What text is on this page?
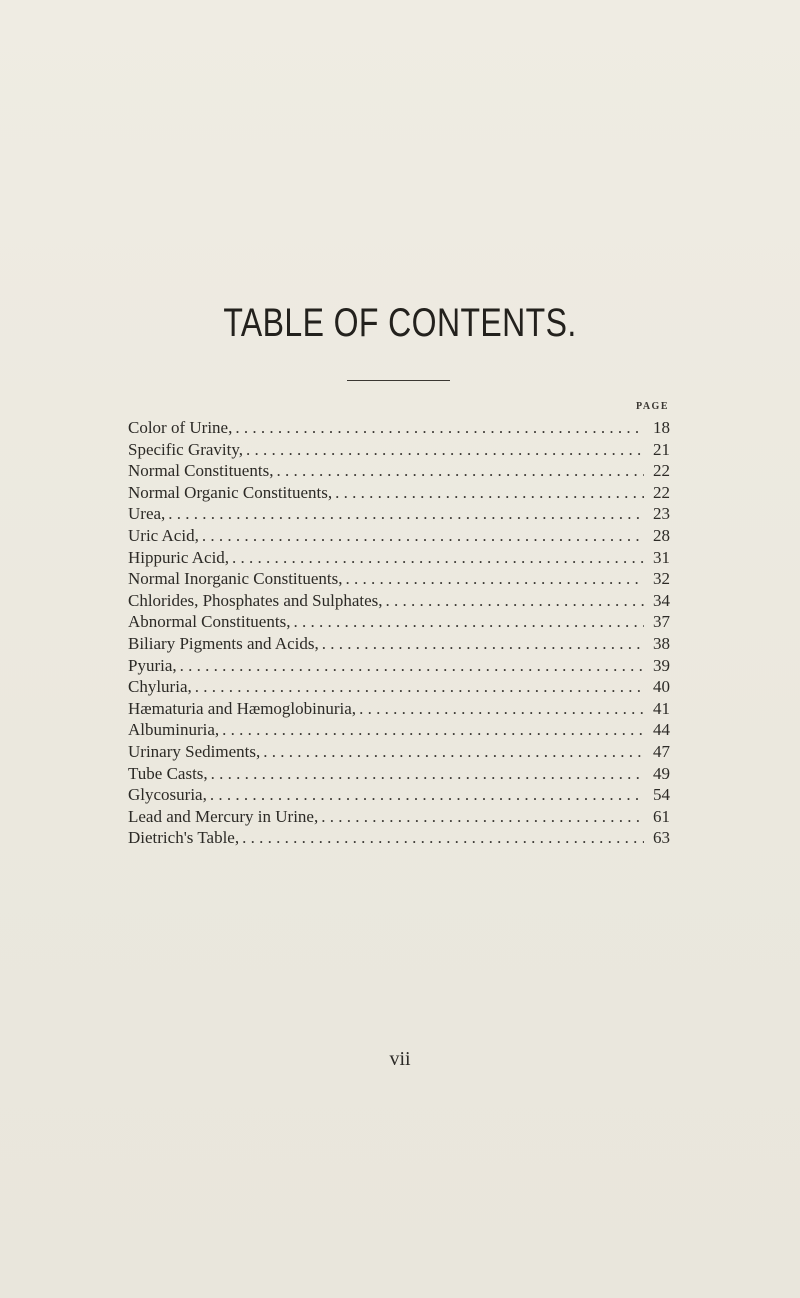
TABLE OF CONTENTS.
PAGE
Color of Urine, . . .	18
Specific Gravity, . . .	21
Normal Constituents, . . .	22
Normal Organic Constituents, . . .	22
Urea, . . .	23
Uric Acid, . . .	28
Hippuric Acid, . . .	31
Normal Inorganic Constituents, . . .	32
Chlorides, Phosphates and Sulphates, . . .	34
Abnormal Constituents, . . .	37
Biliary Pigments and Acids, . . .	38
Pyuria, . . .	39
Chyluria, . . .	40
Hæmaturia and Hæmoglobinuria, . . .	41
Albuminuria, . . .	44
Urinary Sediments, . . .	47
Tube Casts, . . .	49
Glycosuria, . . .	54
Lead and Mercury in Urine, . . .	61
Dietrich's Table, . . .	63
vii
